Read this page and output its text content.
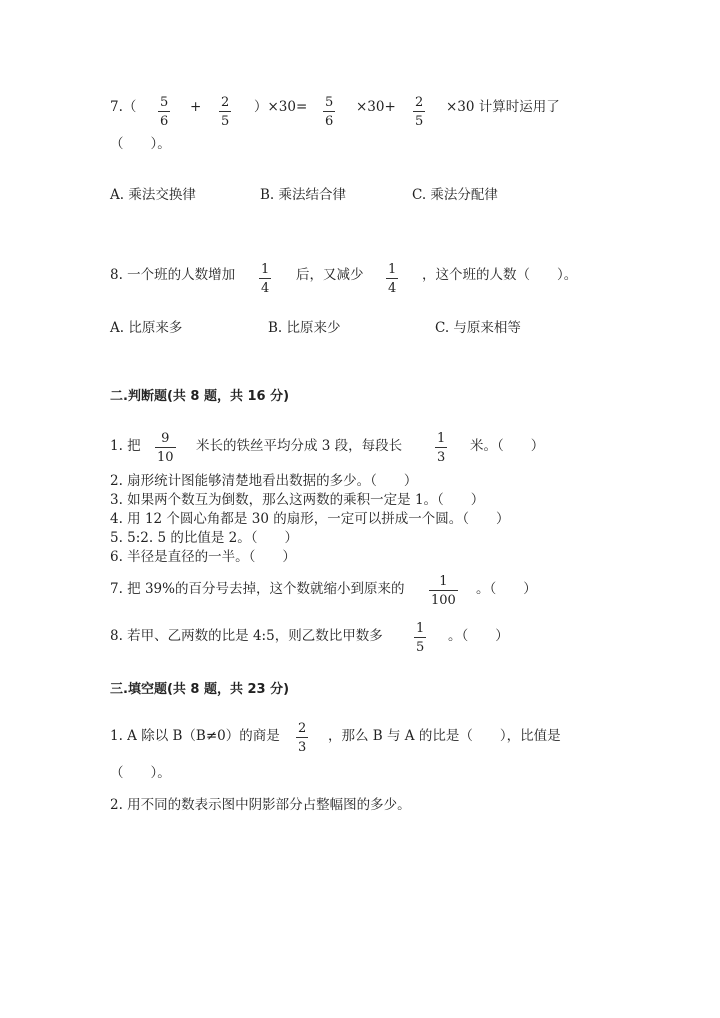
7.（ 5
6
+ 2
5
）×30= 5
6
×30+ 2
5
×30 计算时运用了
（　　）。
A. 乘法交换律	B. 乘法结合律	C. 乘法分配律
8. 一个班的人数增加 1
4
后，又减少 1
4
，这个班的人数（　　）。
A. 比原来多	B. 比原来少	C. 与原来相等
二.判断题(共 8 题，共 16 分)
1. 把 9
10
米长的铁丝平均分成 3 段，每段长	1
3
米。（　　）
2. 扇形统计图能够清楚地看出数据的多少。（　　）
3. 如果两个数互为倒数，那么这两数的乘积一定是 1。（　　）
4. 用 12 个圆心角都是 30 的扇形，一定可以拼成一个圆。（　　）
5. 5:2. 5 的比值是 2。（　　）
6. 半径是直径的一半。（　　）
7. 把 39%的百分号去掉，这个数就缩小到原来的	1
100
。（　　）
8. 若甲、乙两数的比是 4:5，则乙数比甲数多	1
5
。（　　）
三.填空题(共 8 题，共 23 分)
1. A 除以 B（B≠0）的商是 2
3
，那么 B 与 A 的比是（　　），比值是
（　　）。
2. 用不同的数表示图中阴影部分占整幅图的多少。
